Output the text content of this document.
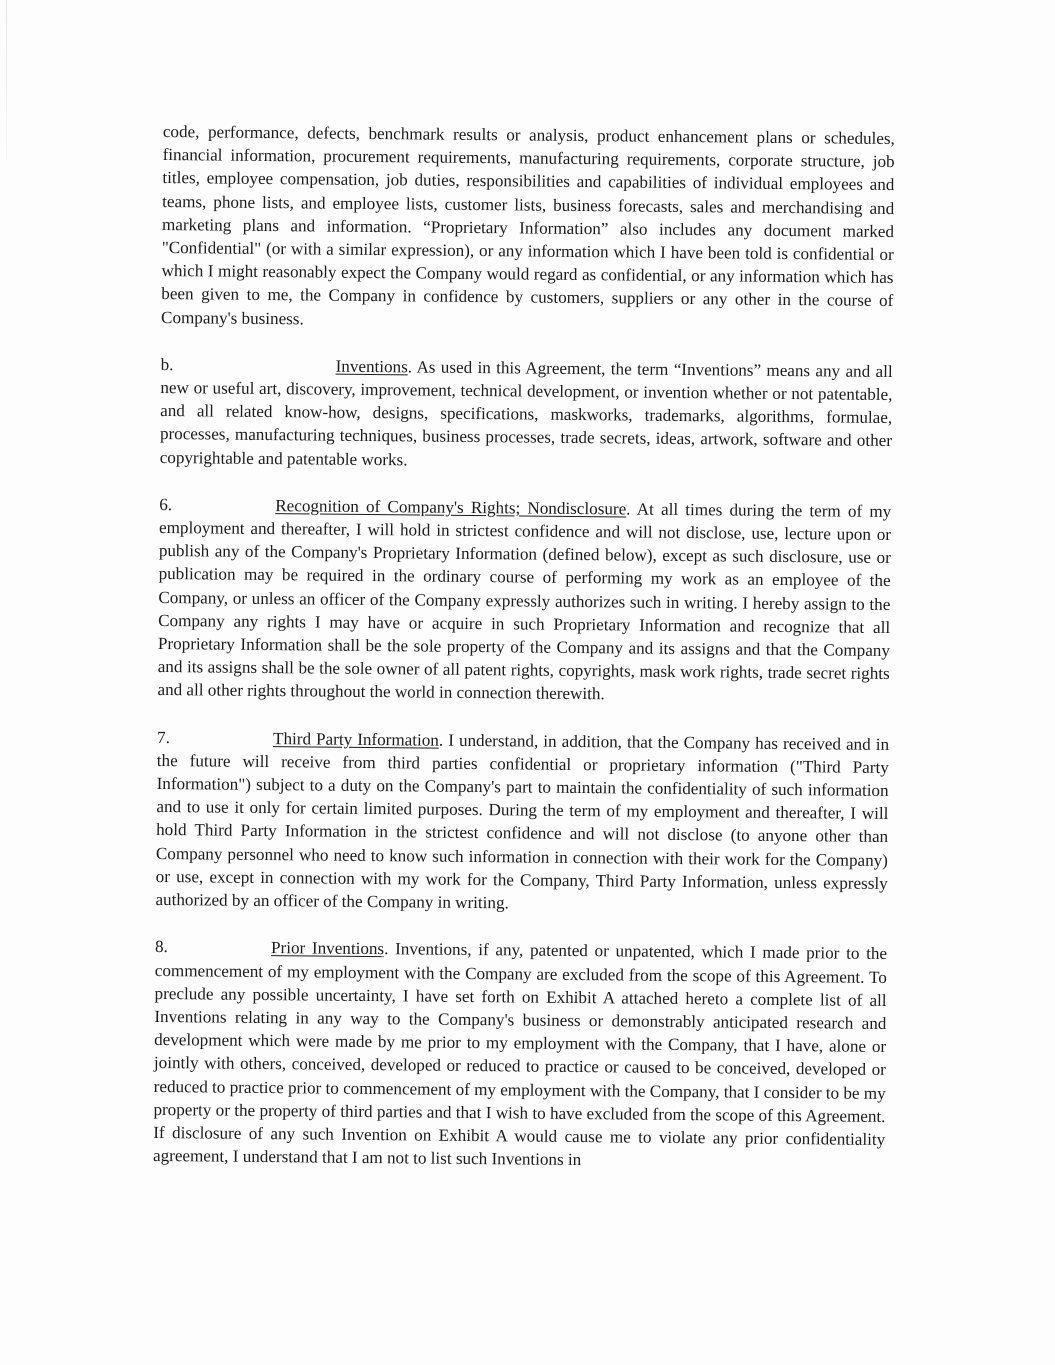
code, performance, defects, benchmark results or analysis, product enhancement plans or schedules, financial information, procurement requirements, manufacturing requirements, corporate structure, job titles, employee compensation, job duties, responsibilities and capabilities of individual employees and teams, phone lists, and employee lists, customer lists, business forecasts, sales and merchandising and marketing plans and information. “Proprietary Information” also includes any document marked "Confidential" (or with a similar expression), or any information which I have been told is confidential or which I might reasonably expect the Company would regard as confidential, or any information which has been given to me, the Company in confidence by customers, suppliers or any other in the course of Company's business.

b.	Inventions. As used in this Agreement, the term “Inventions” means any and all new or useful art, discovery, improvement, technical development, or invention whether or not patentable, and all related know-how, designs, specifications, maskworks, trademarks, algorithms, formulae, processes, manufacturing techniques, business processes, trade secrets, ideas, artwork, software and other copyrightable and patentable works.

6.	Recognition of Company's Rights; Nondisclosure. At all times during the term of my employment and thereafter, I will hold in strictest confidence and will not disclose, use, lecture upon or publish any of the Company's Proprietary Information (defined below), except as such disclosure, use or publication may be required in the ordinary course of performing my work as an employee of the Company, or unless an officer of the Company expressly authorizes such in writing. I hereby assign to the Company any rights I may have or acquire in such Proprietary Information and recognize that all Proprietary Information shall be the sole property of the Company and its assigns and that the Company and its assigns shall be the sole owner of all patent rights, copyrights, mask work rights, trade secret rights and all other rights throughout the world in connection therewith.

7.	Third Party Information. I understand, in addition, that the Company has received and in the future will receive from third parties confidential or proprietary information ("Third Party Information") subject to a duty on the Company's part to maintain the confidentiality of such information and to use it only for certain limited purposes. During the term of my employment and thereafter, I will hold Third Party Information in the strictest confidence and will not disclose (to anyone other than Company personnel who need to know such information in connection with their work for the Company) or use, except in connection with my work for the Company, Third Party Information, unless expressly authorized by an officer of the Company in writing.

8.	Prior Inventions. Inventions, if any, patented or unpatented, which I made prior to the commencement of my employment with the Company are excluded from the scope of this Agreement. To preclude any possible uncertainty, I have set forth on Exhibit A attached hereto a complete list of all Inventions relating in any way to the Company's business or demonstrably anticipated research and development which were made by me prior to my employment with the Company, that I have, alone or jointly with others, conceived, developed or reduced to practice or caused to be conceived, developed or reduced to practice prior to commencement of my employment with the Company, that I consider to be my property or the property of third parties and that I wish to have excluded from the scope of this Agreement. If disclosure of any such Invention on Exhibit A would cause me to violate any prior confidentiality agreement, I understand that I am not to list such Inventions in
